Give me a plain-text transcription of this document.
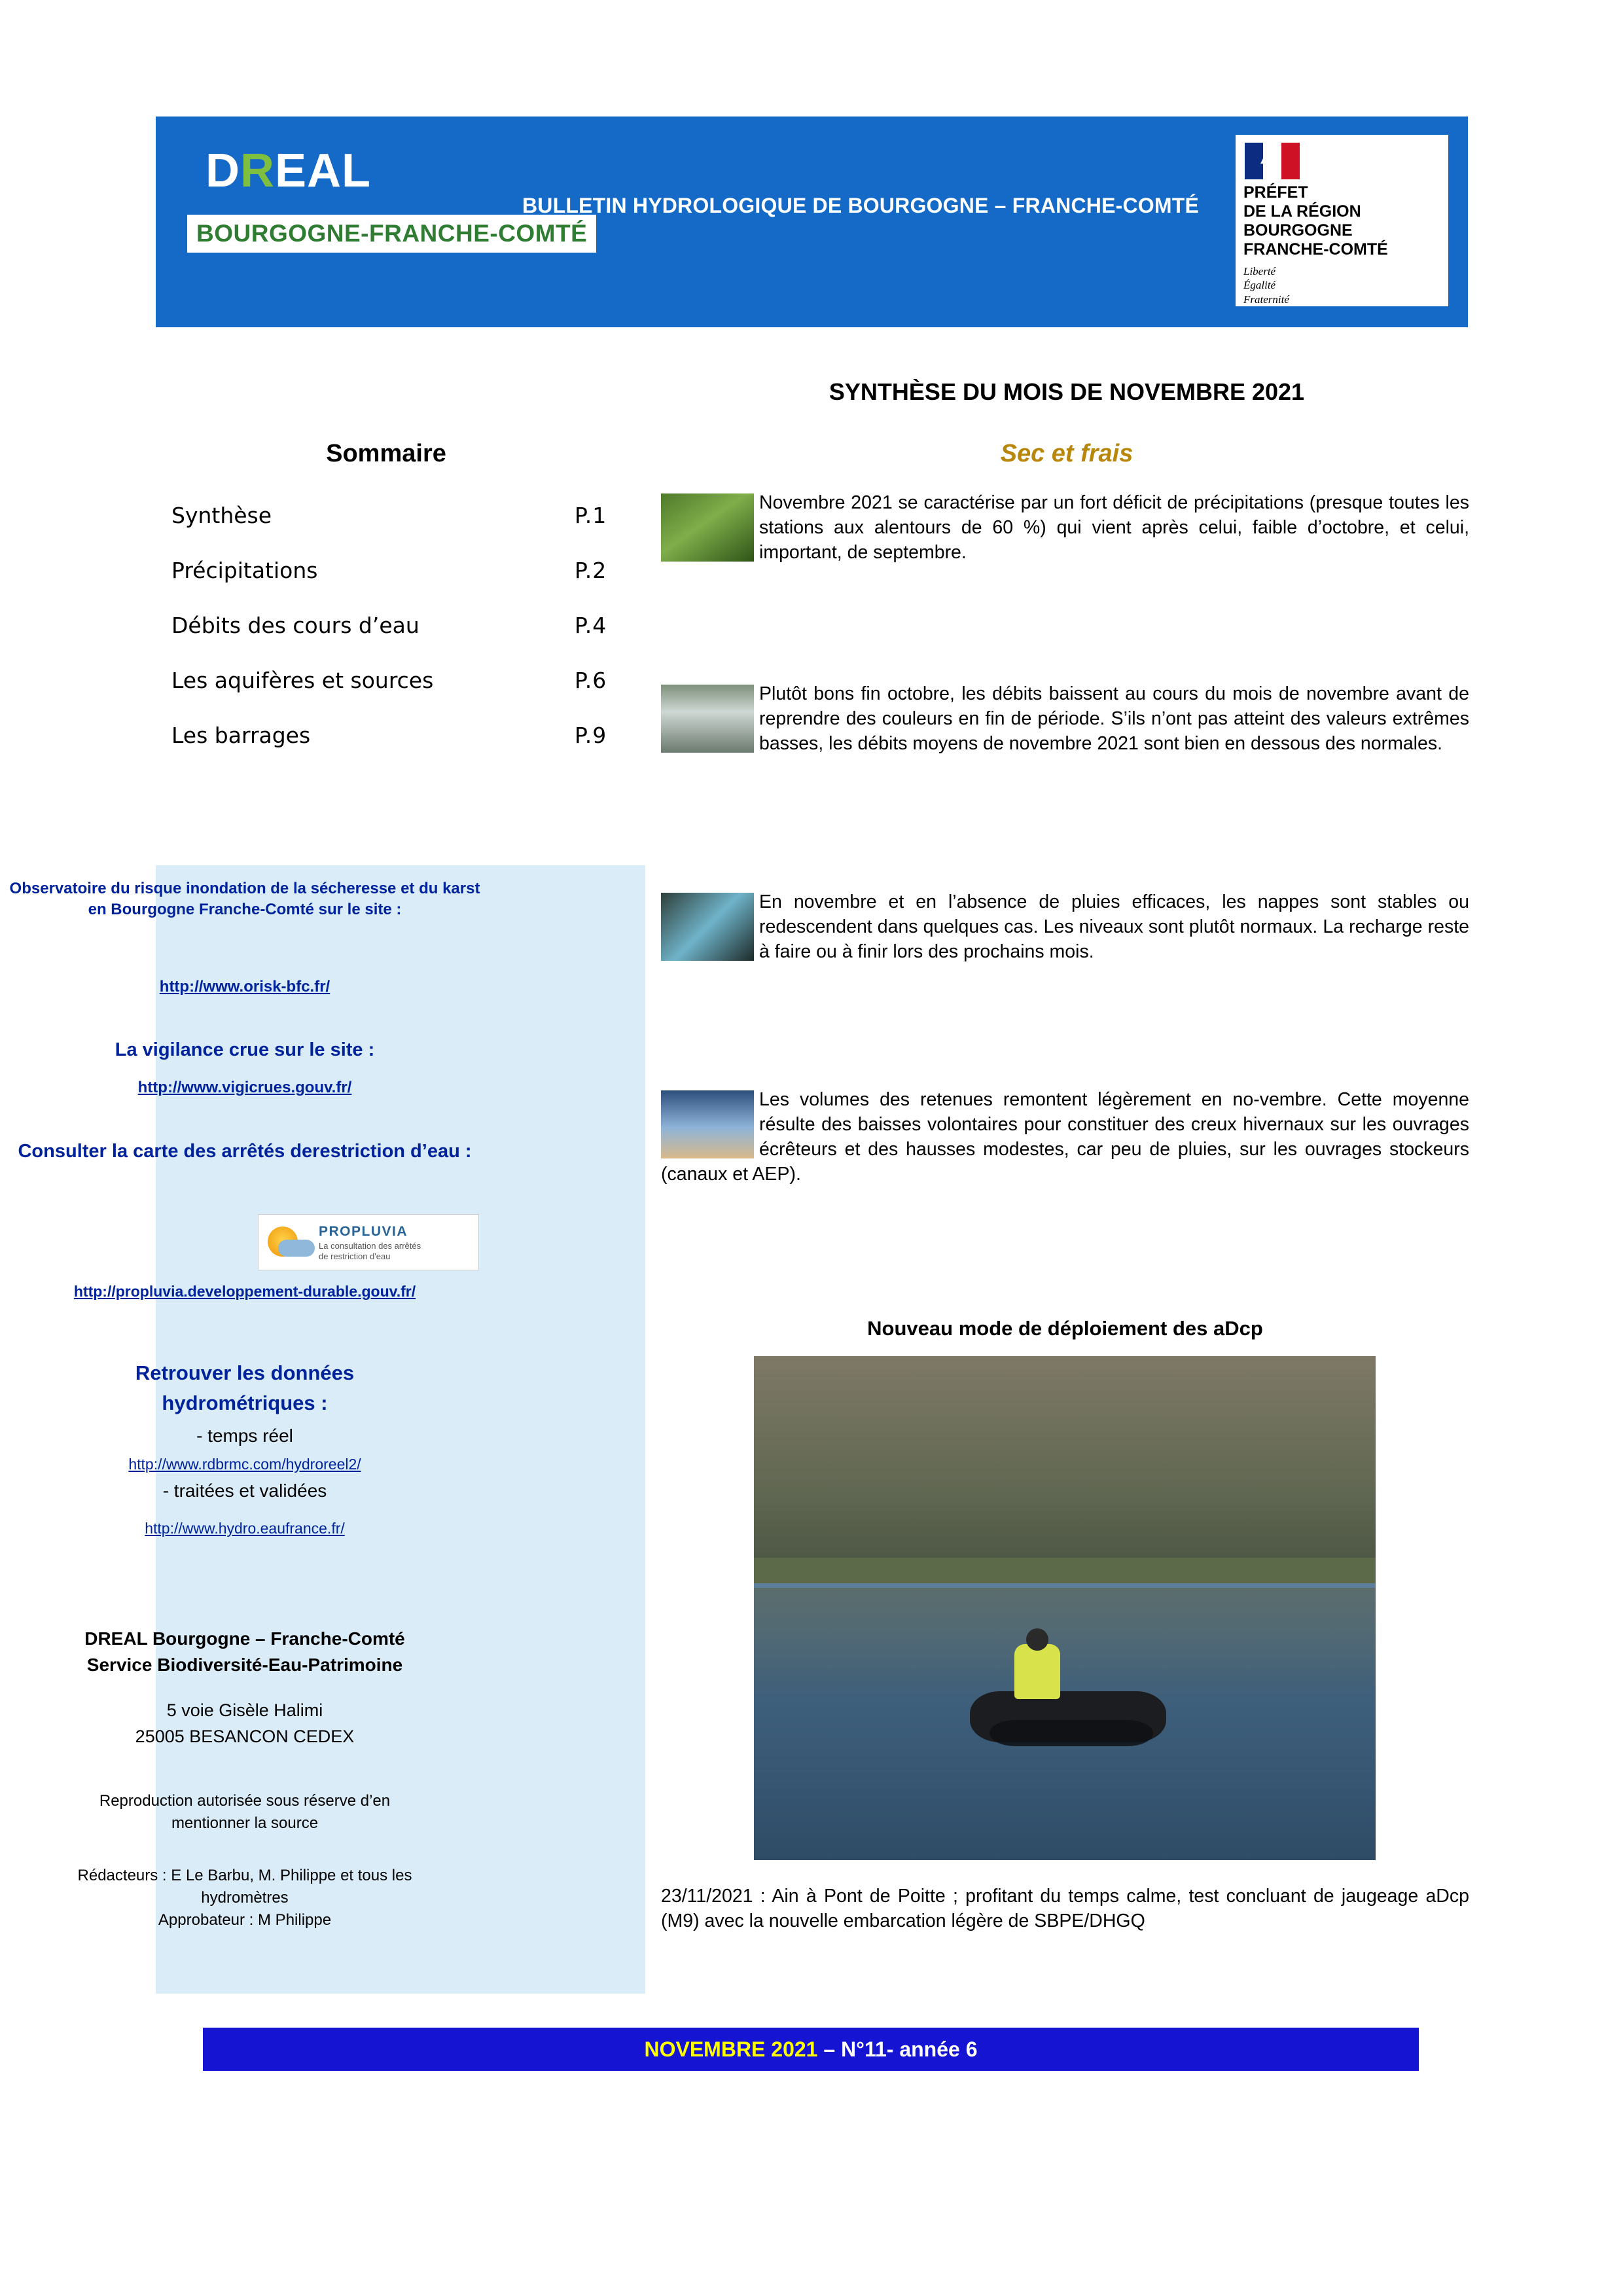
DREAL
BOURGOGNE-FRANCHE-COMTÉ
BULLETIN HYDROLOGIQUE DE BOURGOGNE – FRANCHE-COMTÉ
▲
PRÉFET
DE LA RÉGION
BOURGOGNE
FRANCHE-COMTÉ
Liberté
Égalité
Fraternité
SYNTHÈSE DU MOIS DE NOVEMBRE 2021
Sommaire	Sec et frais
Synthèse	P.1
Précipitations	P.2
Débits des cours d’eau	P.4
Les aquifères et sources	P.6
Les barrages	P.9
Observatoire du risque inondation de la sécheresse et du karst en Bourgogne Franche-Comté sur le site :
http://www.orisk-bfc.fr/
La vigilance crue sur le site :
http://www.vigicrues.gouv.fr/
Consulter la carte des arrêtés derestriction d’eau :
PROPLUVIA
La consultation des arrêtés
de restriction d'eau
http://propluvia.developpement-durable.gouv.fr/
Retrouver les données
hydrométriques :
- temps réel
http://www.rdbrmc.com/hydroreel2/
- traitées et validées
http://www.hydro.eaufrance.fr/
DREAL Bourgogne – Franche-Comté
Service Biodiversité-Eau-Patrimoine
5 voie Gisèle Halimi
25005 BESANCON CEDEX
Reproduction autorisée sous réserve d’en
mentionner la source
Rédacteurs : E Le Barbu, M. Philippe et tous les
hydromètres
Approbateur : M Philippe
Novembre 2021 se caractérise par un fort déficit de précipitations (presque toutes les stations aux alentours de 60 %) qui vient après celui, faible d’octobre, et celui, important, de septembre.
Plutôt bons fin octobre, les débits baissent au cours du mois de novembre avant de reprendre des couleurs en fin de période. S’ils n’ont pas atteint des valeurs extrêmes basses, les débits moyens de novembre 2021 sont bien en dessous des normales.
En novembre et en l’absence de pluies efficaces, les nappes sont stables ou redescendent dans quelques cas. Les niveaux sont plutôt normaux. La recharge reste à faire ou à finir lors des prochains mois.
Les volumes des retenues remontent légèrement en no-vembre. Cette moyenne résulte des baisses volontaires pour constituer des creux hivernaux sur les ouvrages écrêteurs et des hausses modestes, car peu de pluies, sur les ouvrages stockeurs (canaux et AEP).
Nouveau mode de déploiement des aDcp
23/11/2021 : Ain à Pont de Poitte ; profitant du temps calme, test concluant de jaugeage aDcp (M9) avec la nouvelle embarcation légère de SBPE/DHGQ
NOVEMBRE 2021 – N°11- année 6
